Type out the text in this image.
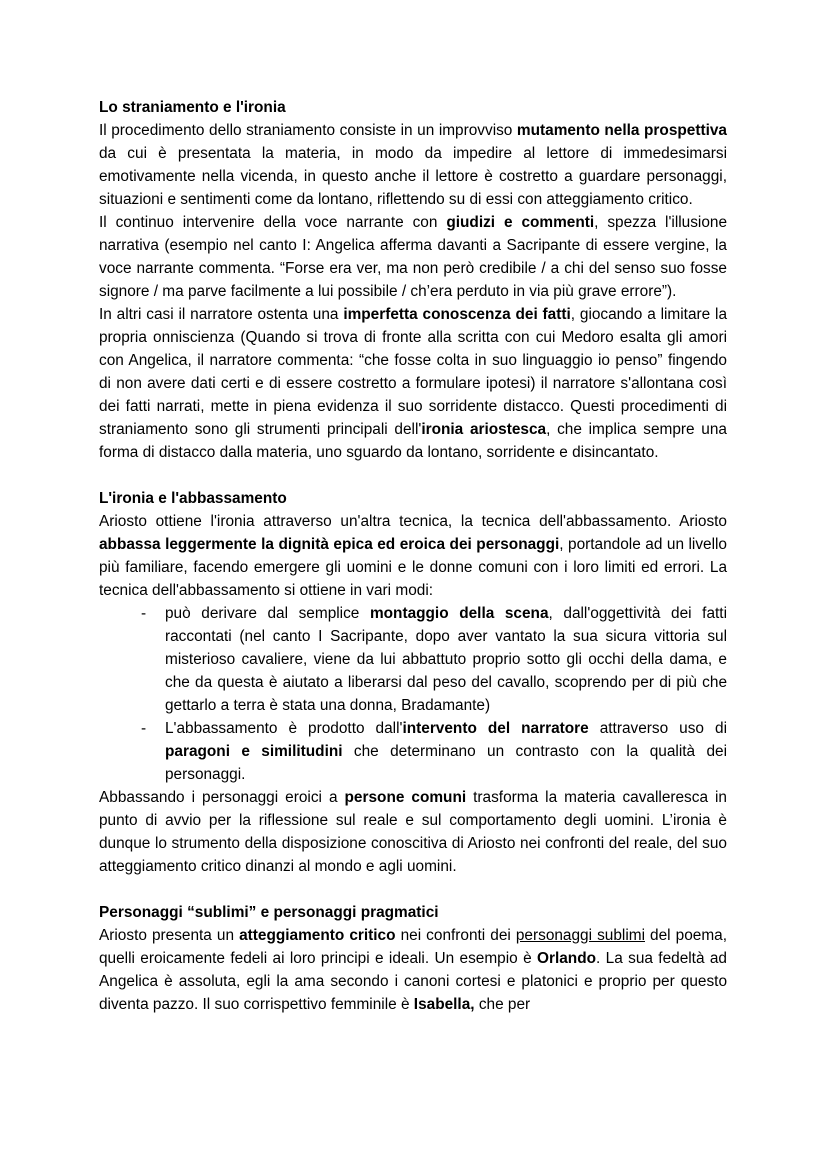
Lo straniamento e l'ironia

Il procedimento dello straniamento consiste in un improvviso mutamento nella prospettiva da cui è presentata la materia, in modo da impedire al lettore di immedesimarsi emotivamente nella vicenda, in questo anche il lettore è costretto a guardare personaggi, situazioni e sentimenti come da lontano, riflettendo su di essi con atteggiamento critico.

Il continuo intervenire della voce narrante con giudizi e commenti, spezza l'illusione narrativa (esempio nel canto I: Angelica afferma davanti a Sacripante di essere vergine, la voce narrante commenta. “Forse era ver, ma non però credibile / a chi del senso suo fosse signore / ma parve facilmente a lui possibile / ch’era perduto in via più grave errore”).

In altri casi il narratore ostenta una imperfetta conoscenza dei fatti, giocando a limitare la propria onniscienza (Quando si trova di fronte alla scritta con cui Medoro esalta gli amori con Angelica, il narratore commenta: “che fosse colta in suo linguaggio io penso” fingendo di non avere dati certi e di essere costretto a formulare ipotesi) il narratore s'allontana così dei fatti narrati, mette in piena evidenza il suo sorridente distacco. Questi procedimenti di straniamento sono gli strumenti principali dell'ironia ariostesca, che implica sempre una forma di distacco dalla materia, uno sguardo da lontano, sorridente e disincantato.

L'ironia e l'abbassamento

Ariosto ottiene l'ironia attraverso un'altra tecnica, la tecnica dell'abbassamento. Ariosto abbassa leggermente la dignità epica ed eroica dei personaggi, portandole ad un livello più familiare, facendo emergere gli uomini e le donne comuni con i loro limiti ed errori. La tecnica dell'abbassamento si ottiene in vari modi:

-	può derivare dal semplice montaggio della scena, dall'oggettività dei fatti raccontati (nel canto I Sacripante, dopo aver vantato la sua sicura vittoria sul misterioso cavaliere, viene da lui abbattuto proprio sotto gli occhi della dama, e che da questa è aiutato a liberarsi dal peso del cavallo, scoprendo per di più che gettarlo a terra è stata una donna, Bradamante)
-	L'abbassamento è prodotto dall'intervento del narratore attraverso uso di paragoni e similitudini che determinano un contrasto con la qualità dei personaggi.

Abbassando i personaggi eroici a persone comuni trasforma la materia cavalleresca in punto di avvio per la riflessione sul reale e sul comportamento degli uomini. L’ironia è dunque lo strumento della disposizione conoscitiva di Ariosto nei confronti del reale, del suo atteggiamento critico dinanzi al mondo e agli uomini.

Personaggi “sublimi” e personaggi pragmatici

Ariosto presenta un atteggiamento critico nei confronti dei personaggi sublimi del poema, quelli eroicamente fedeli ai loro principi e ideali. Un esempio è Orlando. La sua fedeltà ad Angelica è assoluta, egli la ama secondo i canoni cortesi e platonici e proprio per questo diventa pazzo. Il suo corrispettivo femminile è Isabella, che per
